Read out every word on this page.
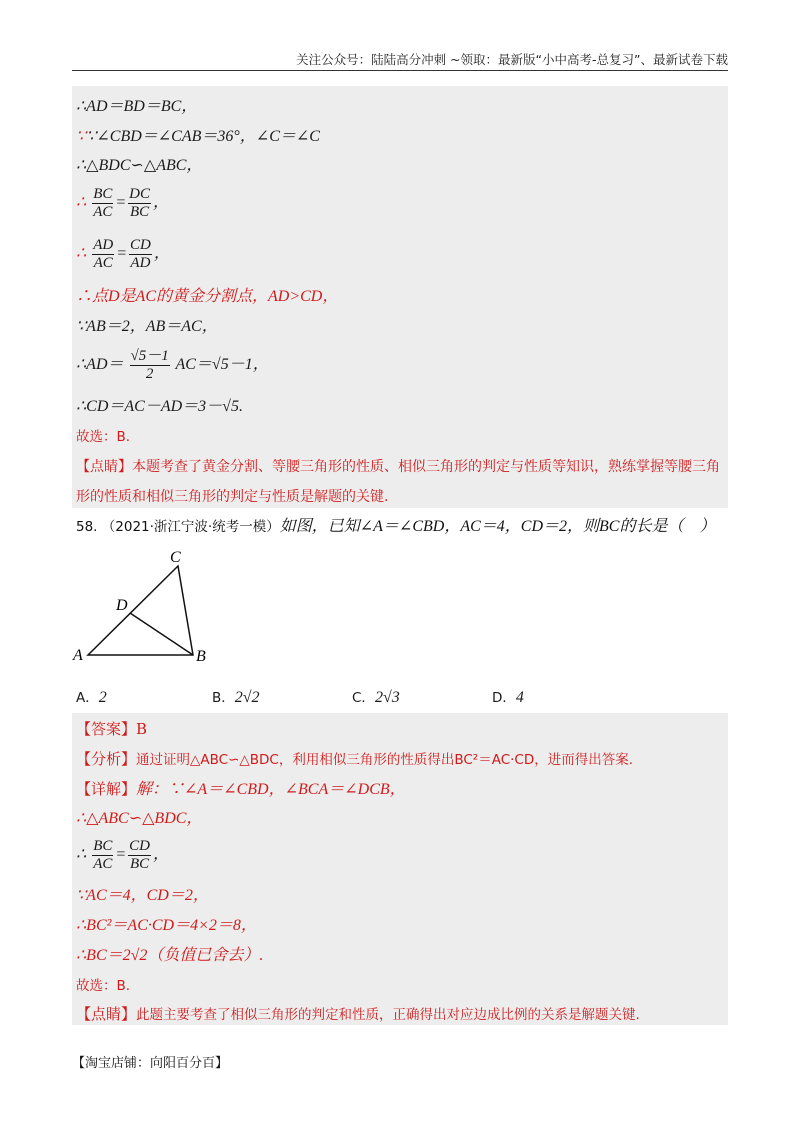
关注公众号：陆陆高分冲刺 ~领取：最新版“小中高考-总复习”、最新试卷下载
∴AD＝BD＝BC，
∵∵∠CBD＝∠CAB＝36°，∠C＝∠C
∴△BDC∽△ABC，
∴ $\frac{BC}{AC} = \frac{DC}{BC}$ ，
∴ $\frac{AD}{AC} = \frac{CD}{AD}$ ，
∴点D是AC的黄金分割点，AD>CD，
∵AB＝2，AB＝AC，
∴AD＝ $\frac{√5-1}{2} AC=√5-1$，
∴CD＝AC－AD＝3－√5.
故选：B.
【点睛】本题考查了黄金分割、等腰三角形的性质、相似三角形的判定与性质等知识，熟练掌握等腰三角形的性质和相似三角形的判定与性质是解题的关键.
58. （2021·浙江宁波·统考一模）如图，已知∠A＝∠CBD，AC＝4，CD＝2，则BC的长是（　）
A	B
C
D
A．2	B．2√2	C．2√3	D．4
【答案】B
【分析】通过证明△ABC∽△BDC，利用相似三角形的性质得出BC²＝AC·CD，进而得出答案.
【详解】解：∵∠A＝∠CBD，∠BCA＝∠DCB，
∴△ABC∽△BDC，
∴ $\frac{BC}{AC} = \frac{CD}{BC}$ ，
∵AC＝4，CD＝2，
∴BC²＝AC·CD＝4×2＝8，
∴BC＝2√2（负值已舍去）.
故选：B.
【点睛】此题主要考查了相似三角形的判定和性质，正确得出对应边成比例的关系是解题关键.
【淘宝店铺：向阳百分百】
